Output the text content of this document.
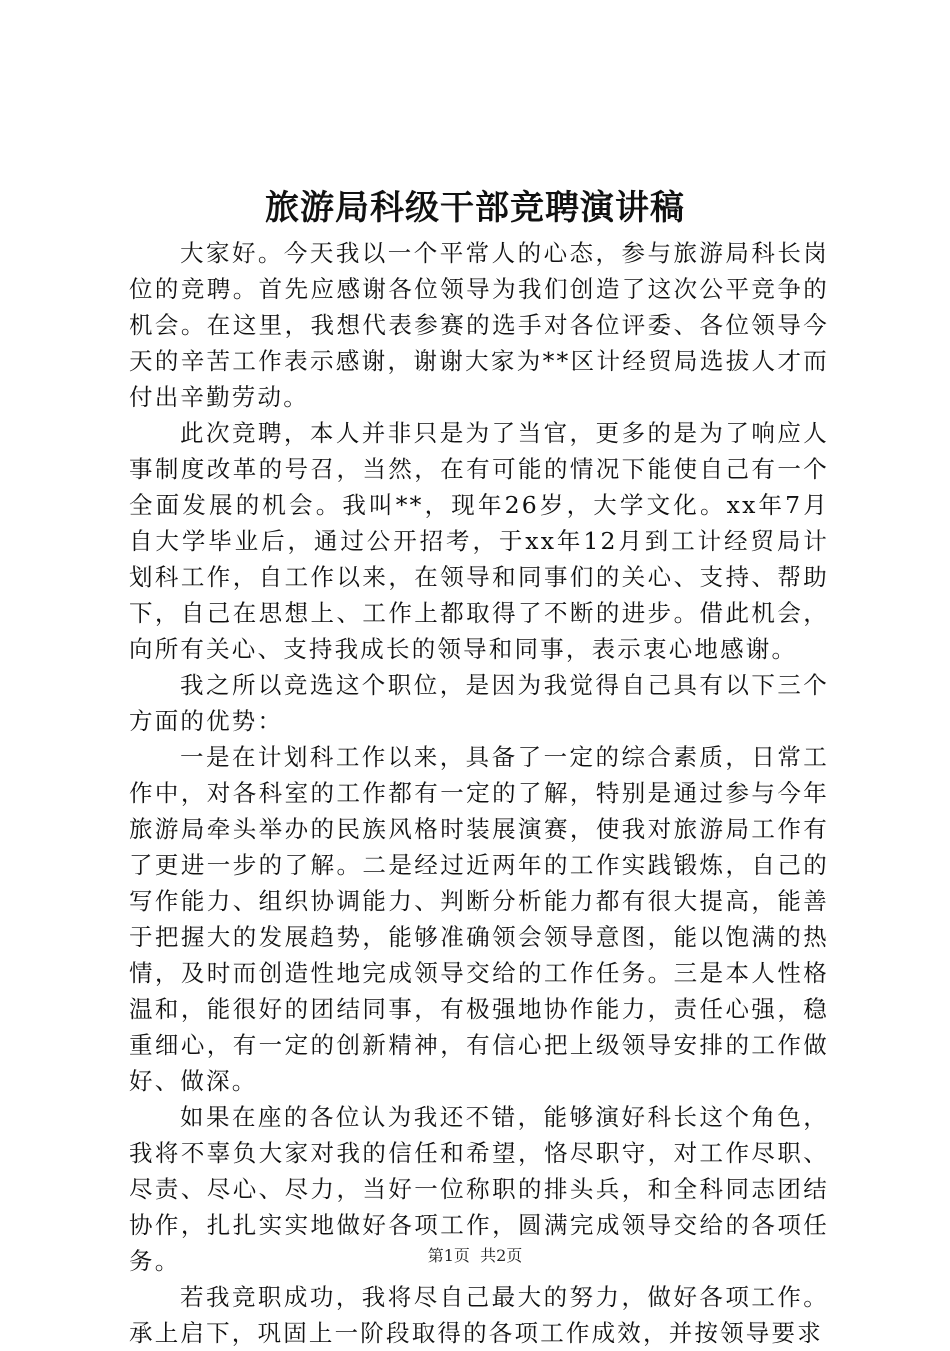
旅游局科级干部竞聘演讲稿

大家好。今天我以一个平常人的心态，参与旅游局科长岗位的竞聘。首先应感谢各位领导为我们创造了这次公平竞争的机会。在这里，我想代表参赛的选手对各位评委、各位领导今天的辛苦工作表示感谢，谢谢大家为**区计经贸局选拔人才而付出辛勤劳动。

此次竞聘，本人并非只是为了当官，更多的是为了响应人事制度改革的号召，当然，在有可能的情况下能使自己有一个全面发展的机会。我叫**，现年26岁，大学文化。xx年7月自大学毕业后，通过公开招考，于xx年12月到工计经贸局计划科工作，自工作以来，在领导和同事们的关心、支持、帮助下，自己在思想上、工作上都取得了不断的进步。借此机会，向所有关心、支持我成长的领导和同事，表示衷心地感谢。

我之所以竞选这个职位，是因为我觉得自己具有以下三个方面的优势：

一是在计划科工作以来，具备了一定的综合素质，日常工作中，对各科室的工作都有一定的了解，特别是通过参与今年旅游局牵头举办的民族风格时装展演赛，使我对旅游局工作有了更进一步的了解。二是经过近两年的工作实践锻炼，自己的写作能力、组织协调能力、判断分析能力都有很大提高，能善于把握大的发展趋势，能够准确领会领导意图，能以饱满的热情，及时而创造性地完成领导交给的工作任务。三是本人性格温和，能很好的团结同事，有极强地协作能力，责任心强，稳重细心，有一定的创新精神，有信心把上级领导安排的工作做好、做深。

如果在座的各位认为我还不错，能够演好科长这个角色，我将不辜负大家对我的信任和希望，恪尽职守，对工作尽职、尽责、尽心、尽力，当好一位称职的排头兵，和全科同志团结协作，扎扎实实地做好各项工作，圆满完成领导交给的各项任务。

若我竞职成功，我将尽自己最大的努力，做好各项工作。承上启下，巩固上一阶段取得的各项工作成效，并按领导要求

第1页  共2页
